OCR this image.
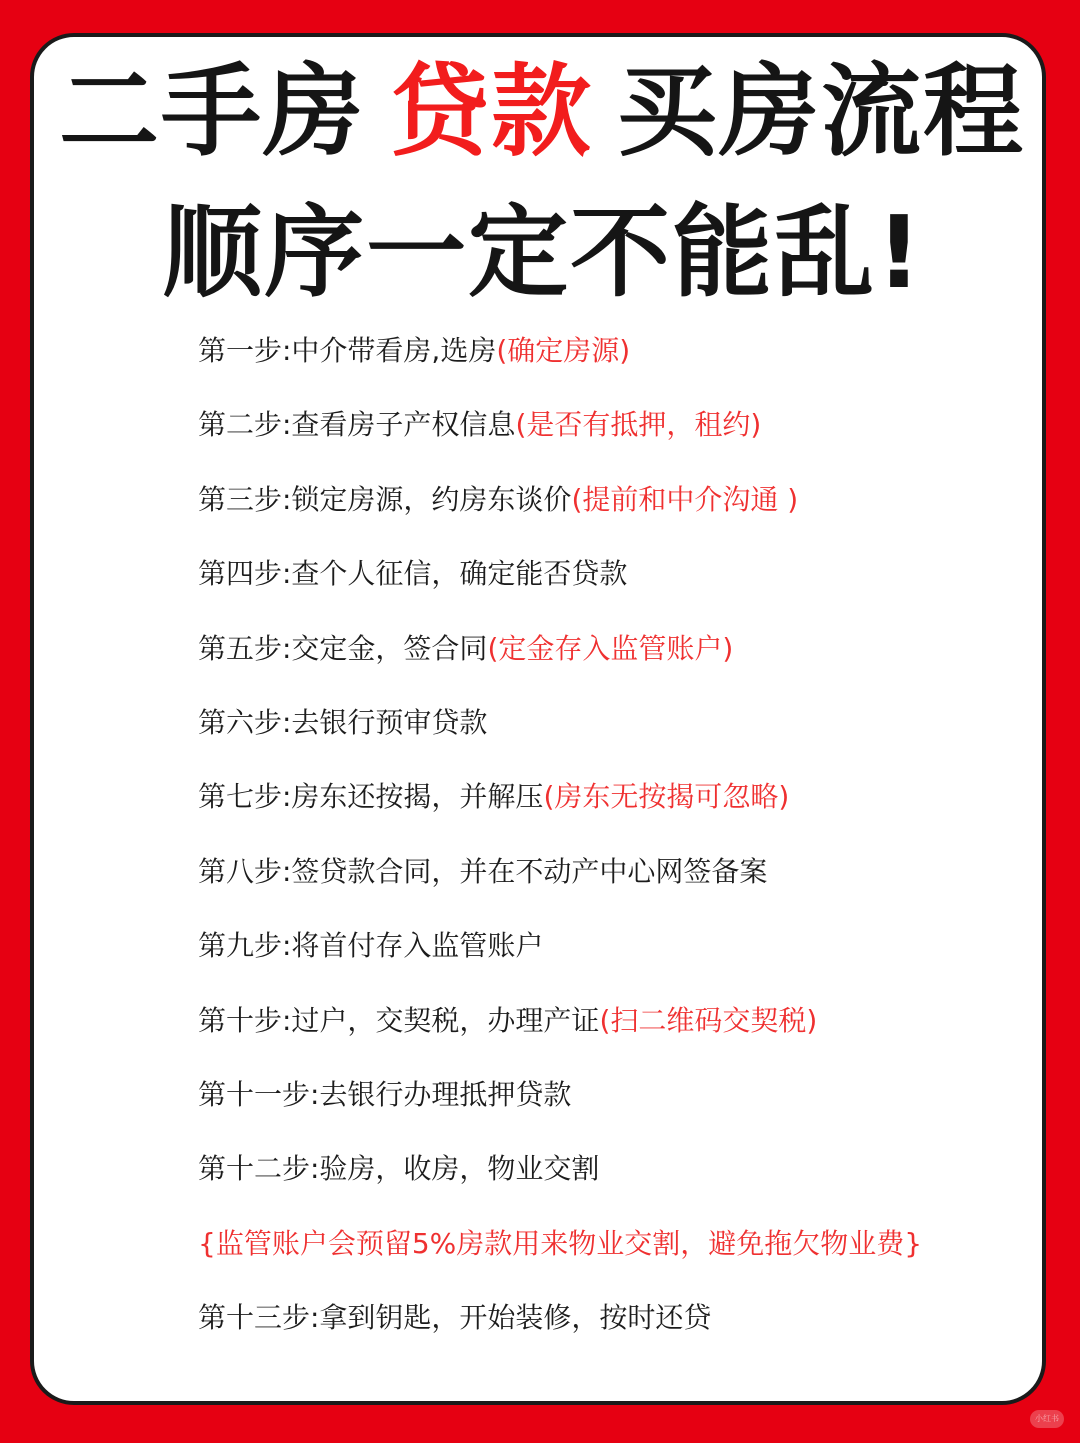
二手房 贷款 买房流程
顺序一定不能乱!
第一步:中介带看房,选房(确定房源)
第二步:查看房子产权信息(是否有抵押，租约)
第三步:锁定房源，约房东谈价(提前和中介沟通 )
第四步:查个人征信，确定能否贷款
第五步:交定金，签合同(定金存入监管账户)
第六步:去银行预审贷款
第七步:房东还按揭，并解压(房东无按揭可忽略)
第八步:签贷款合同，并在不动产中心网签备案
第九步:将首付存入监管账户
第十步:过户，交契税，办理产证(扫二维码交契税)
第十一步:去银行办理抵押贷款
第十二步:验房，收房，物业交割
{监管账户会预留5%房款用来物业交割，避免拖欠物业费}
第十三步:拿到钥匙，开始装修，按时还贷
小红书
